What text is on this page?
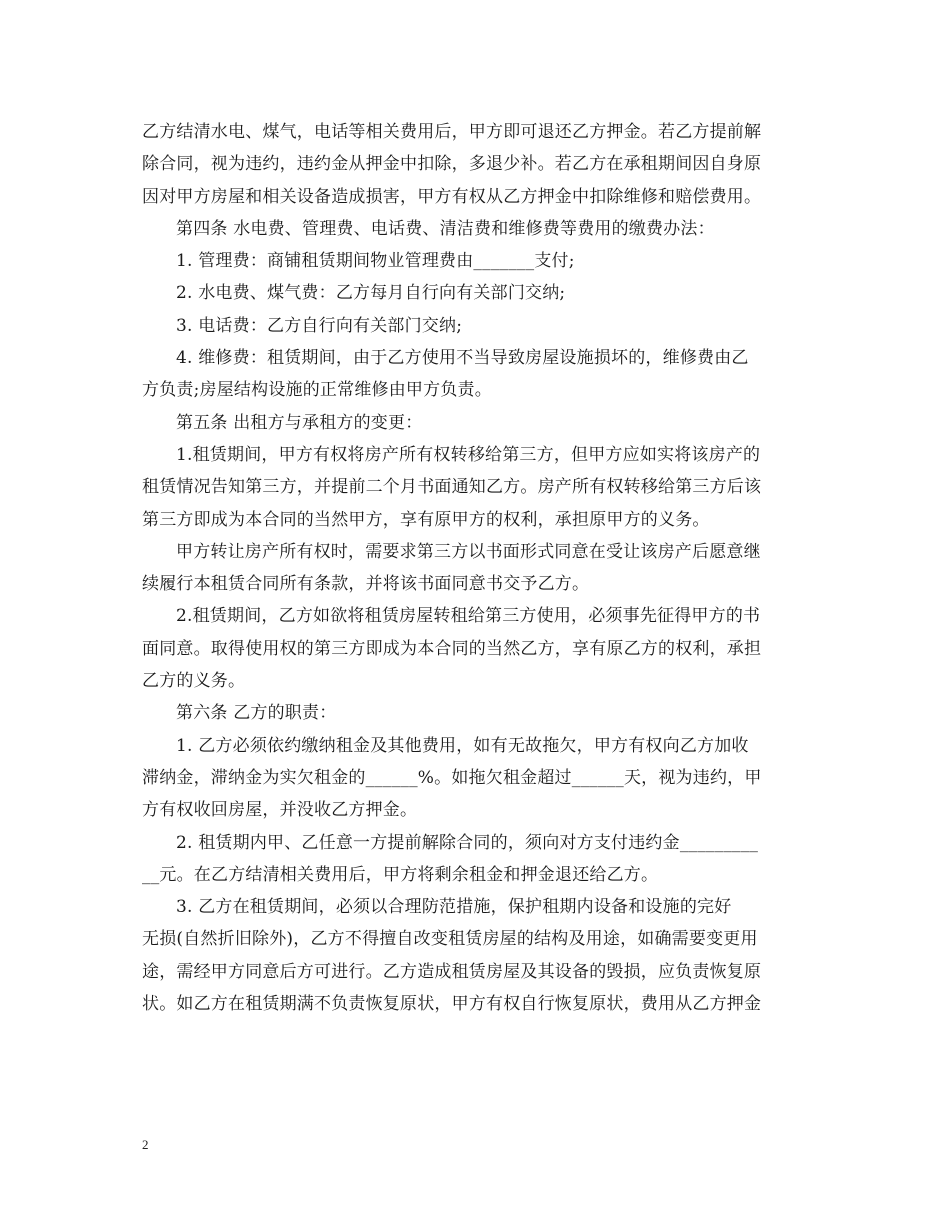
乙方结清水电、煤气，电话等相关费用后，甲方即可退还乙方押金。若乙方提前解
除合同，视为违约，违约金从押金中扣除，多退少补。若乙方在承租期间因自身原
因对甲方房屋和相关设备造成损害，甲方有权从乙方押金中扣除维修和赔偿费用。
第四条 水电费、管理费、电话费、清洁费和维修费等费用的缴费办法：
1. 管理费：商铺租赁期间物业管理费由_______支付;
2. 水电费、煤气费：乙方每月自行向有关部门交纳;
3. 电话费：乙方自行向有关部门交纳;
4. 维修费：租赁期间，由于乙方使用不当导致房屋设施损坏的，维修费由乙
方负责;房屋结构设施的正常维修由甲方负责。
第五条 出租方与承租方的变更：
1.租赁期间，甲方有权将房产所有权转移给第三方，但甲方应如实将该房产的
租赁情况告知第三方，并提前二个月书面通知乙方。房产所有权转移给第三方后该
第三方即成为本合同的当然甲方，享有原甲方的权利，承担原甲方的义务。
甲方转让房产所有权时，需要求第三方以书面形式同意在受让该房产后愿意继
续履行本租赁合同所有条款，并将该书面同意书交予乙方。
2.租赁期间，乙方如欲将租赁房屋转租给第三方使用，必须事先征得甲方的书
面同意。取得使用权的第三方即成为本合同的当然乙方，享有原乙方的权利，承担
乙方的义务。
第六条 乙方的职责：
1. 乙方必须依约缴纳租金及其他费用，如有无故拖欠，甲方有权向乙方加收
滞纳金，滞纳金为实欠租金的______%。如拖欠租金超过______天，视为违约，甲
方有权收回房屋，并没收乙方押金。
2. 租赁期内甲、乙任意一方提前解除合同的，须向对方支付违约金_________
__元。在乙方结清相关费用后，甲方将剩余租金和押金退还给乙方。
3. 乙方在租赁期间，必须以合理防范措施，保护租期内设备和设施的完好
无损(自然折旧除外)，乙方不得擅自改变租赁房屋的结构及用途，如确需要变更用
途，需经甲方同意后方可进行。乙方造成租赁房屋及其设备的毁损，应负责恢复原
状。如乙方在租赁期满不负责恢复原状，甲方有权自行恢复原状，费用从乙方押金
2
